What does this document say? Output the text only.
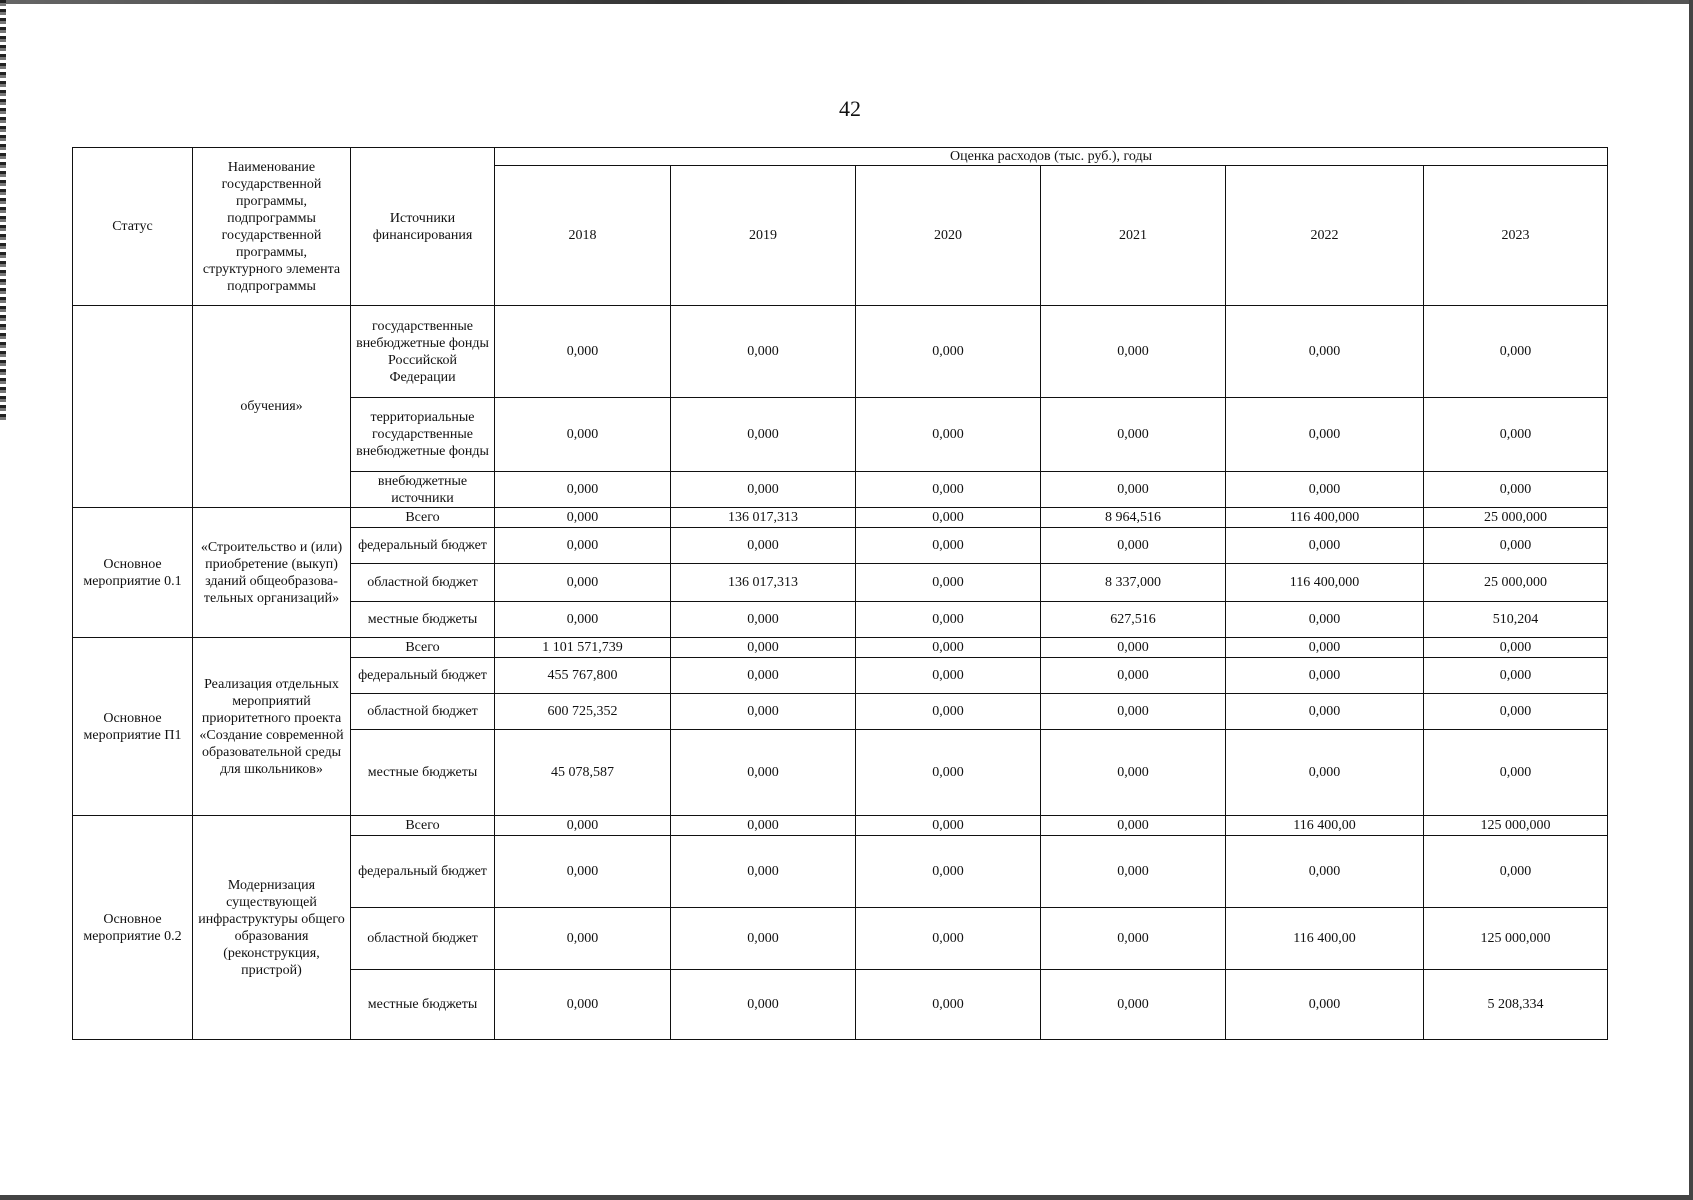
42
Статус	Наименование государственной программы, подпрограммы государственной программы, структурного элемента подпрограммы	Источники финансирования	Оценка расходов (тыс. руб.), годы					
			2018	2019	2020	2021	2022	2023
	обучения»	государственные внебюджетные фонды Российской Федерации	0,000	0,000	0,000	0,000	0,000	0,000
		территориальные государственные внебюджетные фонды	0,000	0,000	0,000	0,000	0,000	0,000
		внебюджетные источники	0,000	0,000	0,000	0,000	0,000	0,000
Основное мероприятие 0.1	«Строительство и (или) приобретение (выкуп) зданий общеобразова-тельных организаций»	Всего	0,000	136 017,313	0,000	8 964,516	116 400,000	25 000,000
		федеральный бюджет	0,000	0,000	0,000	0,000	0,000	0,000
		областной бюджет	0,000	136 017,313	0,000	8 337,000	116 400,000	25 000,000
		местные бюджеты	0,000	0,000	0,000	627,516	0,000	510,204
Основное мероприятие П1	Реализация отдельных мероприятий приоритетного проекта «Создание современной образовательной среды для школьников»	Всего	1 101 571,739	0,000	0,000	0,000	0,000	0,000
		федеральный бюджет	455 767,800	0,000	0,000	0,000	0,000	0,000
		областной бюджет	600 725,352	0,000	0,000	0,000	0,000	0,000
		местные бюджеты	45 078,587	0,000	0,000	0,000	0,000	0,000
Основное мероприятие 0.2	Модернизация существующей инфраструктуры общего образования (реконструкция, пристрой)	Всего	0,000	0,000	0,000	0,000	116 400,00	125 000,000
		федеральный бюджет	0,000	0,000	0,000	0,000	0,000	0,000
		областной бюджет	0,000	0,000	0,000	0,000	116 400,00	125 000,000
		местные бюджеты	0,000	0,000	0,000	0,000	0,000	5 208,334
